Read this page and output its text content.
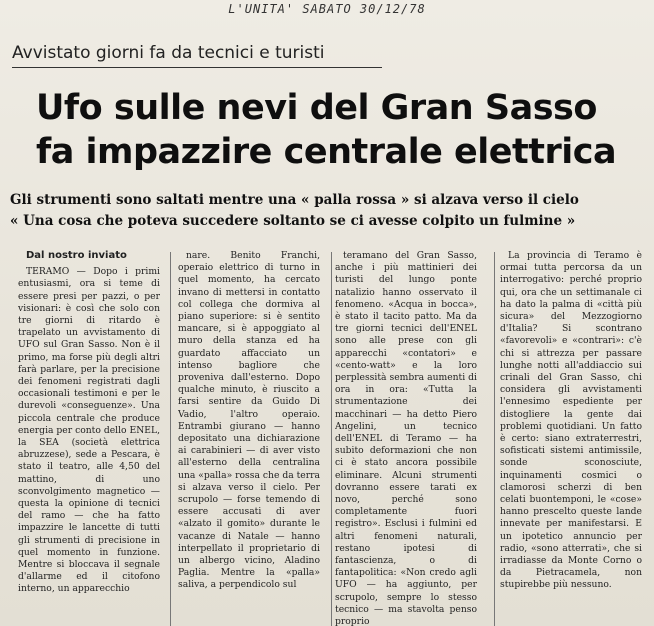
L'UNITA' SABATO 30/12/78
Avvistato giorni fa da tecnici e turisti
Ufo sulle nevi del Gran Sasso
fa impazzire centrale elettrica
Gli strumenti sono saltati mentre una « palla rossa » si alzava verso il cielo
« Una cosa che poteva succedere soltanto se ci avesse colpito un fulmine »

Dal nostro inviato

TERAMO — Dopo i primi entusiasmi, ora si teme di essere presi per pazzi, o per visionari: è così che solo con tre giorni di ritardo è trapelato un avvistamento di UFO sul Gran Sasso. Non è il primo, ma forse più degli altri farà parlare, per la precisione dei fenomeni registrati dagli occasionali testimoni e per le durevoli «conseguenze». Una piccola centrale che produce energia per conto dello ENEL, la SEA (società elettrica abruzzese), sede a Pescara, è stato il teatro, alle 4,50 del mattino, di uno sconvolgimento magnetico — questa la opinione di tecnici del ramo — che ha fatto impazzire le lancette di tutti gli strumenti di precisione in quel momento in funzione. Mentre si bloccava il segnale d'allarme ed il citofono interno, un apparecchio

nare. Benito Franchi, operaio elettrico di turno in quel momento, ha cercato invano di mettersi in contatto col collega che dormiva al piano superiore: si è sentito mancare, si è appoggiato al muro della stanza ed ha guardato affacciato un intenso bagliore che proveniva dall'esterno. Dopo qualche minuto, è riuscito a farsi sentire da Guido Di Vadio, l'altro operaio. Entrambi giurano — hanno depositato una dichiarazione ai carabinieri — di aver visto all'esterno della centralina una «palla» rossa che da terra si alzava verso il cielo. Per scrupolo — forse temendo di essere accusati di aver «alzato il gomito» durante le vacanze di Natale — hanno interpellato il proprietario di un albergo vicino, Aladino Paglia. Mentre la «palla» saliva, a perpendicolo sul

teramano del Gran Sasso, anche i più mattinieri dei turisti del lungo ponte natalizio hanno osservato il fenomeno. «Acqua in bocca», è stato il tacito patto. Ma da tre giorni tecnici dell'ENEL sono alle prese con gli apparecchi «contatori» e «cento-watt» e la loro perplessità sembra aumenti di ora in ora: «Tutta la strumentazione dei macchinari — ha detto Piero Angelini, un tecnico dell'ENEL di Teramo — ha subito deformazioni che non ci è stato ancora possibile eliminare. Alcuni strumenti dovranno essere tarati ex novo, perché sono completamente fuori registro». Esclusi i fulmini ed altri fenomeni naturali, restano ipotesi di fantascienza, o di fantapolitica: «Non credo agli UFO — ha aggiunto, per scrupolo, sempre lo stesso tecnico — ma stavolta penso proprio

La provincia di Teramo è ormai tutta percorsa da un interrogativo: perché proprio qui, ora che un settimanale ci ha dato la palma di «città più sicura» del Mezzogiorno d'Italia? Si scontrano «favorevoli» e «contrari»: c'è chi si attrezza per passare lunghe notti all'addiaccio sui crinali del Gran Sasso, chi considera gli avvistamenti l'ennesimo espediente per distogliere la gente dai problemi quotidiani. Un fatto è certo: siano extraterrestri, sofisticati sistemi antimissile, sonde sconosciute, inquinamenti cosmici o clamorosi scherzi di ben celati buontemponi, le «cose» hanno prescelto queste lande innevate per manifestarsi. E un ipotetico annuncio per radio, «sono atterrati», che si irradiasse da Monte Corno o da Pietracamela, non stupirebbe più nessuno.
